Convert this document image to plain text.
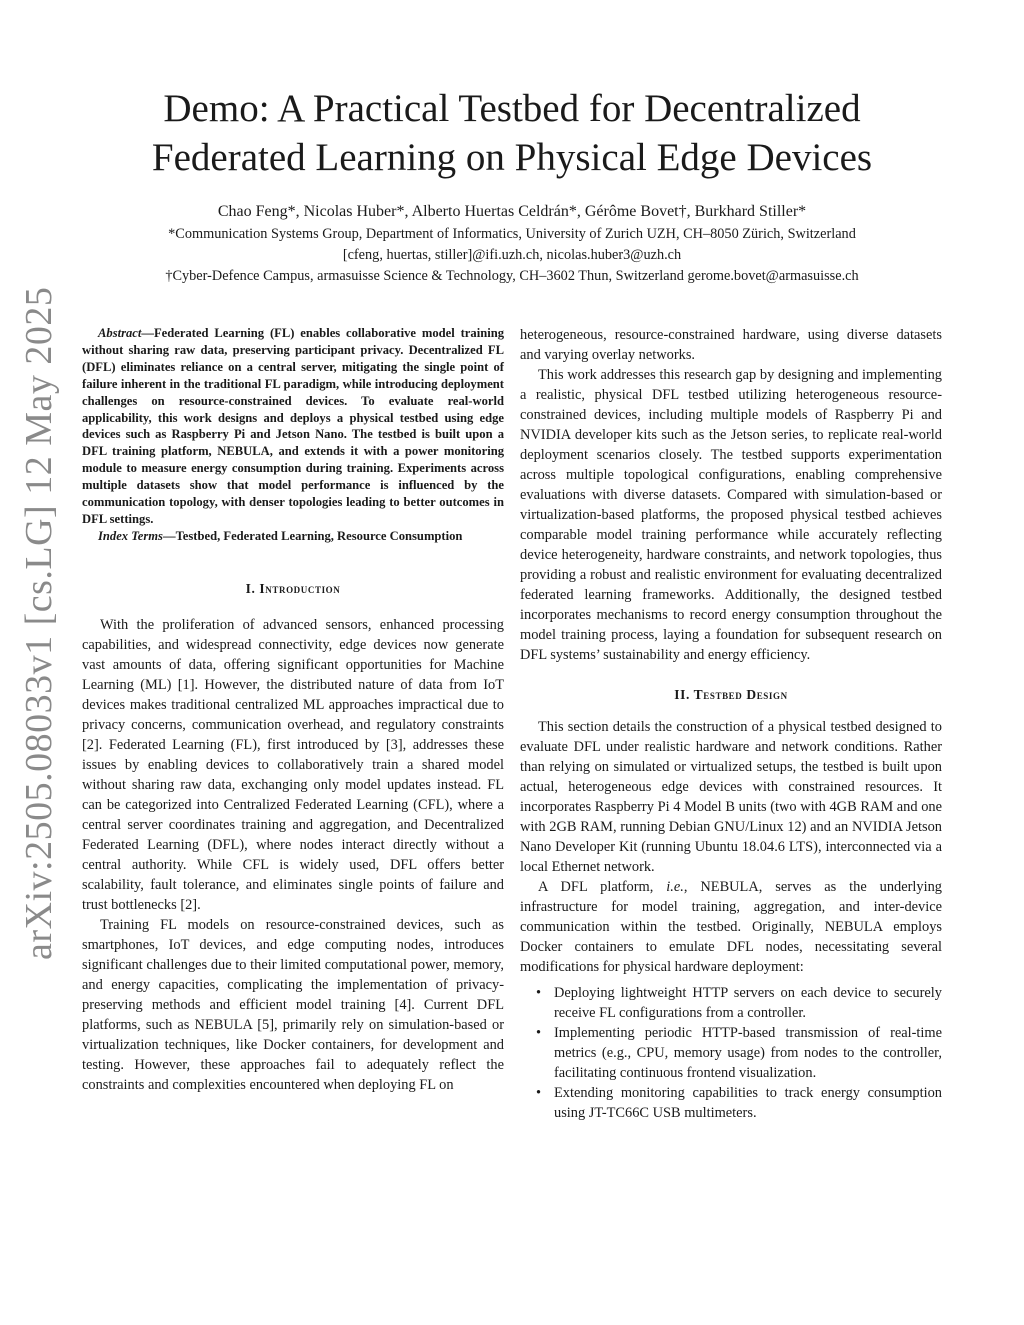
arXiv:2505.08033v1 [cs.LG] 12 May 2025
Demo: A Practical Testbed for Decentralized
Federated Learning on Physical Edge Devices
Chao Feng*, Nicolas Huber*, Alberto Huertas Celdrán*, Gérôme Bovet†, Burkhard Stiller*
*Communication Systems Group, Department of Informatics, University of Zurich UZH, CH–8050 Zürich, Switzerland
[cfeng, huertas, stiller]@ifi.uzh.ch, nicolas.huber3@uzh.ch
†Cyber-Defence Campus, armasuisse Science & Technology, CH–3602 Thun, Switzerland gerome.bovet@armasuisse.ch

Abstract—Federated Learning (FL) enables collaborative model training without sharing raw data, preserving participant privacy. Decentralized FL (DFL) eliminates reliance on a central server, mitigating the single point of failure inherent in the traditional FL paradigm, while introducing deployment challenges on resource-constrained devices. To evaluate real-world applicability, this work designs and deploys a physical testbed using edge devices such as Raspberry Pi and Jetson Nano. The testbed is built upon a DFL training platform, NEBULA, and extends it with a power monitoring module to measure energy consumption during training. Experiments across multiple datasets show that model performance is influenced by the communication topology, with denser topologies leading to better outcomes in DFL settings.

Index Terms—Testbed, Federated Learning, Resource Consumption

I. Introduction

With the proliferation of advanced sensors, enhanced processing capabilities, and widespread connectivity, edge devices now generate vast amounts of data, offering significant opportunities for Machine Learning (ML) [1]. However, the distributed nature of data from IoT devices makes traditional centralized ML approaches impractical due to privacy concerns, communication overhead, and regulatory constraints [2]. Federated Learning (FL), first introduced by [3], addresses these issues by enabling devices to collaboratively train a shared model without sharing raw data, exchanging only model updates instead. FL can be categorized into Centralized Federated Learning (CFL), where a central server coordinates training and aggregation, and Decentralized Federated Learning (DFL), where nodes interact directly without a central authority. While CFL is widely used, DFL offers better scalability, fault tolerance, and eliminates single points of failure and trust bottlenecks [2].

Training FL models on resource-constrained devices, such as smartphones, IoT devices, and edge computing nodes, introduces significant challenges due to their limited computational power, memory, and energy capacities, complicating the implementation of privacy-preserving methods and efficient model training [4]. Current DFL platforms, such as NEBULA [5], primarily rely on simulation-based or virtualization techniques, like Docker containers, for development and testing. However, these approaches fail to adequately reflect the constraints and complexities encountered when deploying FL on

heterogeneous, resource-constrained hardware, using diverse datasets and varying overlay networks.

This work addresses this research gap by designing and implementing a realistic, physical DFL testbed utilizing heterogeneous resource-constrained devices, including multiple models of Raspberry Pi and NVIDIA developer kits such as the Jetson series, to replicate real-world deployment scenarios closely. The testbed supports experimentation across multiple topological configurations, enabling comprehensive evaluations with diverse datasets. Compared with simulation-based or virtualization-based platforms, the proposed physical testbed achieves comparable model training performance while accurately reflecting device heterogeneity, hardware constraints, and network topologies, thus providing a robust and realistic environment for evaluating decentralized federated learning frameworks. Additionally, the designed testbed incorporates mechanisms to record energy consumption throughout the model training process, laying a foundation for subsequent research on DFL systems’ sustainability and energy efficiency.

II. Testbed Design

This section details the construction of a physical testbed designed to evaluate DFL under realistic hardware and network conditions. Rather than relying on simulated or virtualized setups, the testbed is built upon actual, heterogeneous edge devices with constrained resources. It incorporates Raspberry Pi 4 Model B units (two with 4GB RAM and one with 2GB RAM, running Debian GNU/Linux 12) and an NVIDIA Jetson Nano Developer Kit (running Ubuntu 18.04.6 LTS), interconnected via a local Ethernet network.

A DFL platform, i.e., NEBULA, serves as the underlying infrastructure for model training, aggregation, and inter-device communication within the testbed. Originally, NEBULA employs Docker containers to emulate DFL nodes, necessitating several modifications for physical hardware deployment:

• Deploying lightweight HTTP servers on each device to securely receive FL configurations from a controller.
• Implementing periodic HTTP-based transmission of real-time metrics (e.g., CPU, memory usage) from nodes to the controller, facilitating continuous frontend visualization.
• Extending monitoring capabilities to track energy consumption using JT-TC66C USB multimeters.
